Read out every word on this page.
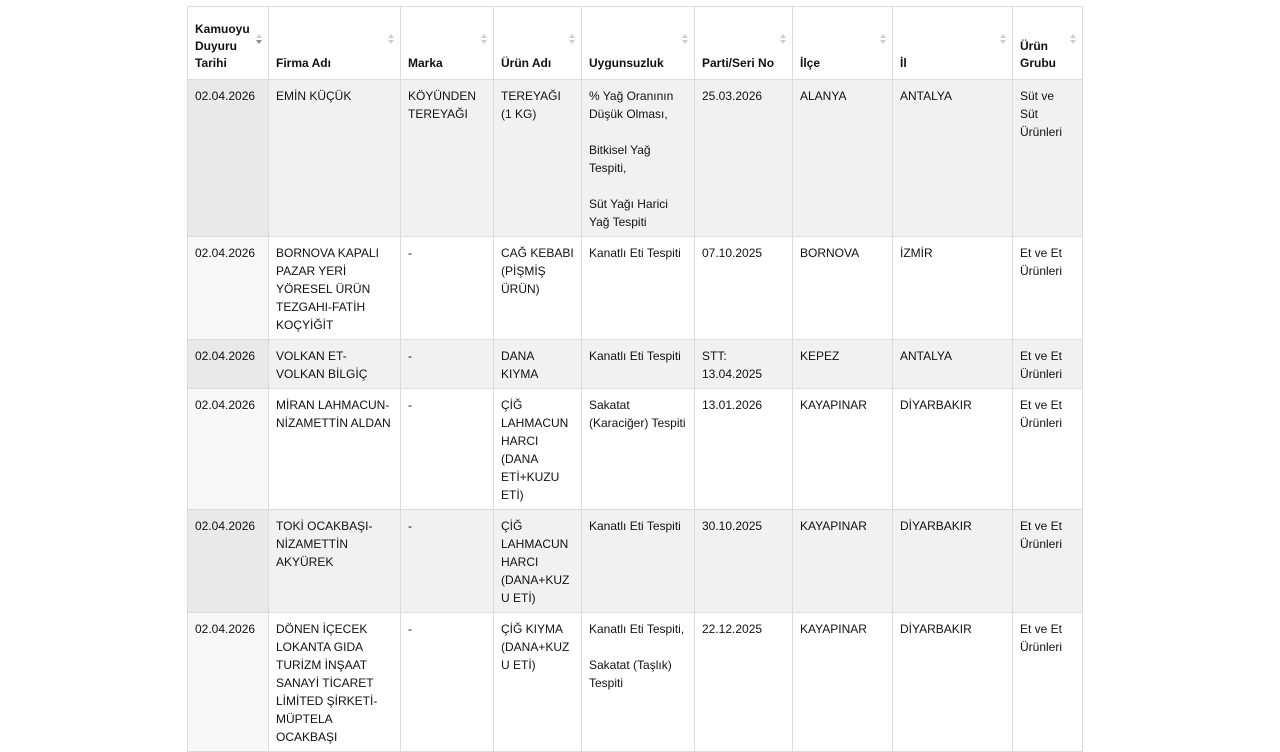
Kamuoyu Duyuru Tarihi	Firma Adı	Marka	Ürün Adı	Uygunsuzluk	Parti/Seri No	İlçe	İl	Ürün Grubu

02.04.2026	EMİN KÜÇÜK	KÖYÜNDEN TEREYAĞI	TEREYAĞI (1 KG)	% Yağ Oranının Düşük Olması,
Bitkisel Yağ Tespiti,
Süt Yağı Harici Yağ Tespiti	25.03.2026	ALANYA	ANTALYA	Süt ve Süt Ürünleri
02.04.2026	BORNOVA KAPALI PAZAR YERİ YÖRESEL ÜRÜN TEZGAHI-FATİH KOÇYİĞİT	-	CAĞ KEBABI (PİŞMİŞ ÜRÜN)	Kanatlı Eti Tespiti	07.10.2025	BORNOVA	İZMİR	Et ve Et Ürünleri
02.04.2026	VOLKAN ET-VOLKAN BİLGİÇ	-	DANA KIYMA	Kanatlı Eti Tespiti	STT: 13.04.2025	KEPEZ	ANTALYA	Et ve Et Ürünleri
02.04.2026	MİRAN LAHMACUN-NİZAMETTİN ALDAN	-	ÇİĞ LAHMACUN HARCI (DANA ETİ+KUZU ETİ)	Sakatat (Karaciğer) Tespiti	13.01.2026	KAYAPINAR	DİYARBAKIR	Et ve Et Ürünleri
02.04.2026	TOKİ OCAKBAŞI-NİZAMETTİN AKYÜREK	-	ÇİĞ LAHMACUN HARCI (DANA+KUZU ETİ)	Kanatlı Eti Tespiti	30.10.2025	KAYAPINAR	DİYARBAKIR	Et ve Et Ürünleri
02.04.2026	DÖNEN İÇECEK LOKANTA GIDA TURİZM İNŞAAT SANAYİ TİCARET LİMİTED ŞİRKETİ-MÜPTELA OCAKBAŞI	-	ÇİĞ KIYMA (DANA+KUZU ETİ)	Kanatlı Eti Tespiti,
Sakatat (Taşlık) Tespiti	22.12.2025	KAYAPINAR	DİYARBAKIR	Et ve Et Ürünleri
